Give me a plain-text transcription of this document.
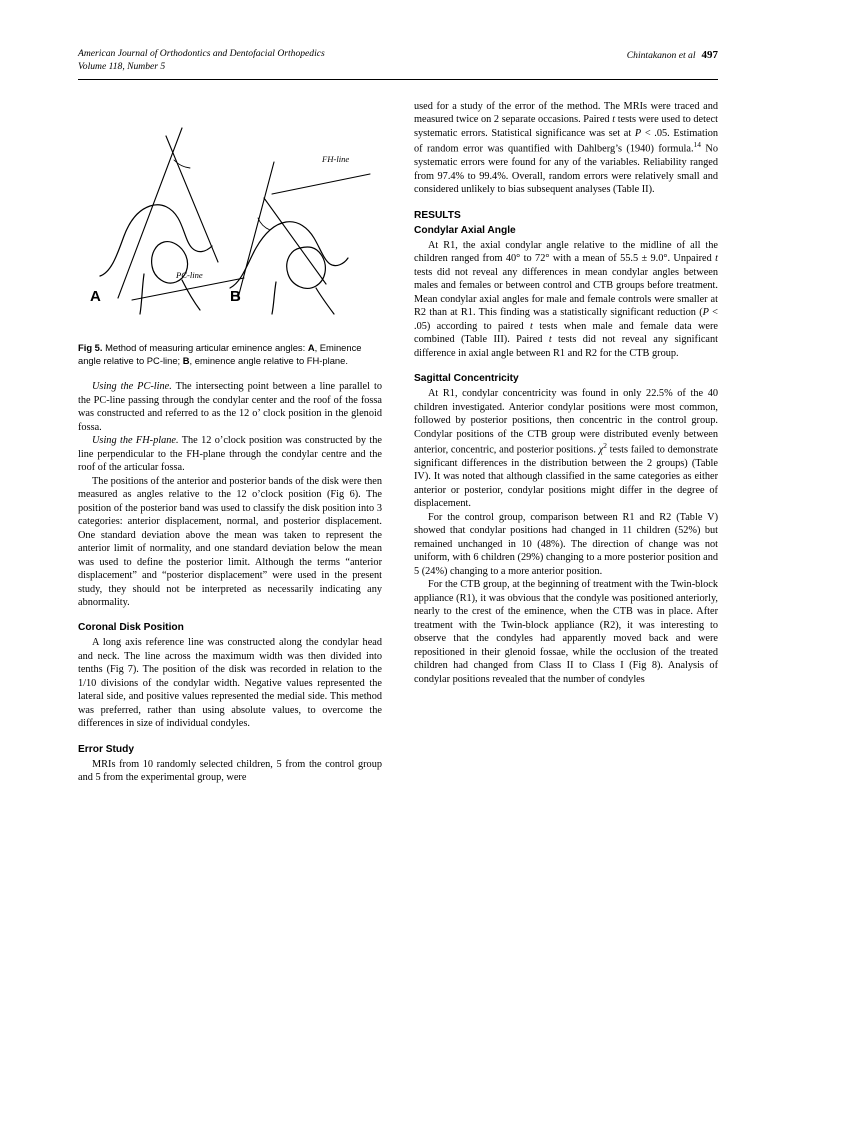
American Journal of Orthodontics and Dentofacial Orthopedics
Volume 118, Number 5
Chintakanon et al 497
A	B
PC-line
FH-line
Fig 5. Method of measuring articular eminence angles: A, Eminence angle relative to PC-line; B, eminence angle relative to FH-plane.

Using the PC-line. The intersecting point between a line parallel to the PC-line passing through the condylar center and the roof of the fossa was constructed and referred to as the 12 o’ clock position in the glenoid fossa.

Using the FH-plane. The 12 o’clock position was constructed by the line perpendicular to the FH-plane through the condylar centre and the roof of the articular fossa.

The positions of the anterior and posterior bands of the disk were then measured as angles relative to the 12 o’clock position (Fig 6). The position of the posterior band was used to classify the disk position into 3 categories: anterior displacement, normal, and posterior displacement. One standard deviation above the mean was taken to represent the anterior limit of normality, and one standard deviation below the mean was used to define the posterior limit. Although the terms “anterior displacement” and “posterior displacement” were used in the present study, they should not be interpreted as necessarily indicating any abnormality.

Coronal Disk Position

A long axis reference line was constructed along the condylar head and neck. The line across the maximum width was then divided into tenths (Fig 7). The position of the disk was recorded in relation to the 1/10 divisions of the condylar width. Negative values represented the lateral side, and positive values represented the medial side. This method was preferred, rather than using absolute values, to overcome the differences in size of individual condyles.

Error Study

MRIs from 10 randomly selected children, 5 from the control group and 5 from the experimental group, were

used for a study of the error of the method. The MRIs were traced and measured twice on 2 separate occasions. Paired t tests were used to detect systematic errors. Statistical significance was set at P < .05. Estimation of random error was quantified with Dahlberg’s (1940) formula.$^{14}$ No systematic errors were found for any of the variables. Reliability ranged from 97.4% to 99.4%. Overall, random errors were relatively small and considered unlikely to bias subsequent analyses (Table II).

RESULTS
Condylar Axial Angle

At R1, the axial condylar angle relative to the midline of all the children ranged from 40° to 72° with a mean of 55.5 ± 9.0°. Unpaired t tests did not reveal any differences in mean condylar angles between males and females or between control and CTB groups before treatment. Mean condylar axial angles for male and female controls were smaller at R2 than at R1. This finding was a statistically significant reduction (P < .05) according to paired t tests when male and female data were combined (Table III). Paired t tests did not reveal any significant difference in axial angle between R1 and R2 for the CTB group.

Sagittal Concentricity

At R1, condylar concentricity was found in only 22.5% of the 40 children investigated. Anterior condylar positions were most common, followed by posterior positions, then concentric in the control group. Condylar positions of the CTB group were distributed evenly between anterior, concentric, and posterior positions. $\chi^2$ tests failed to demonstrate significant differences in the distribution between the 2 groups) (Table IV). It was noted that although classified in the same categories as either anterior or posterior, condylar positions might differ in the degree of displacement.

For the control group, comparison between R1 and R2 (Table V) showed that condylar positions had changed in 11 children (52%) but remained unchanged in 10 (48%). The direction of change was not uniform, with 6 children (29%) changing to a more posterior position and 5 (24%) changing to a more anterior position.

For the CTB group, at the beginning of treatment with the Twin-block appliance (R1), it was obvious that the condyle was positioned anteriorly, nearly to the crest of the eminence, when the CTB was in place. After treatment with the Twin-block appliance (R2), it was interesting to observe that the condyles had apparently moved back and were repositioned in their glenoid fossae, while the occlusion of the treated children had changed from Class II to Class I (Fig 8). Analysis of condylar positions revealed that the number of condyles
